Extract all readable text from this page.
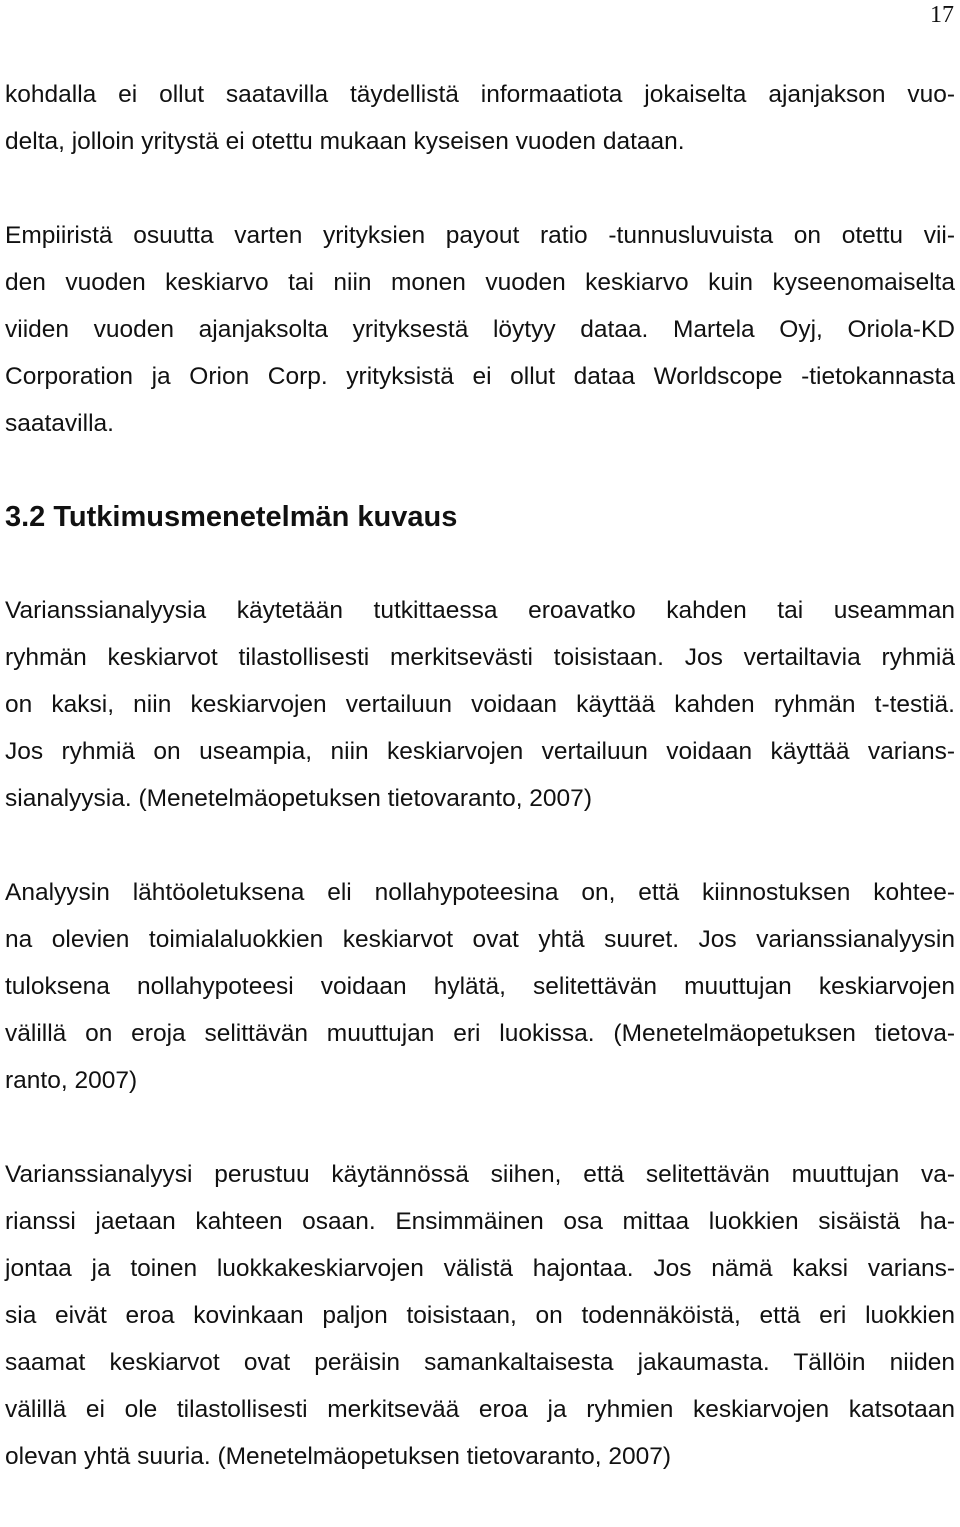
17
kohdalla ei ollut saatavilla täydellistä informaatiota jokaiselta ajanjakson vuo-
delta, jolloin yritystä ei otettu mukaan kyseisen vuoden dataan.
Empiiristä osuutta varten yrityksien payout ratio -tunnusluvuista on otettu vii-
den vuoden keskiarvo tai niin monen vuoden keskiarvo kuin kyseenomaiselta
viiden vuoden ajanjaksolta yrityksestä löytyy dataa. Martela Oyj, Oriola-KD
Corporation ja Orion Corp. yrityksistä ei ollut dataa Worldscope -tietokannasta
saatavilla.
3.2 Tutkimusmenetelmän kuvaus
Varianssianalyysia käytetään tutkittaessa eroavatko kahden tai useamman
ryhmän keskiarvot tilastollisesti merkitsevästi toisistaan. Jos vertailtavia ryhmiä
on kaksi, niin keskiarvojen vertailuun voidaan käyttää kahden ryhmän t-testiä.
Jos ryhmiä on useampia, niin keskiarvojen vertailuun voidaan käyttää varians-
sianalyysia. (Menetelmäopetuksen tietovaranto, 2007)
Analyysin lähtöoletuksena eli nollahypoteesina on, että kiinnostuksen kohtee-
na olevien toimialaluokkien keskiarvot ovat yhtä suuret. Jos varianssianalyysin
tuloksena nollahypoteesi voidaan hylätä, selitettävän muuttujan keskiarvojen
välillä on eroja selittävän muuttujan eri luokissa. (Menetelmäopetuksen tietova-
ranto, 2007)
Varianssianalyysi perustuu käytännössä siihen, että selitettävän muuttujan va-
rianssi jaetaan kahteen osaan. Ensimmäinen osa mittaa luokkien sisäistä ha-
jontaa ja toinen luokkakeskiarvojen välistä hajontaa. Jos nämä kaksi varians-
sia eivät eroa kovinkaan paljon toisistaan, on todennäköistä, että eri luokkien
saamat keskiarvot ovat peräisin samankaltaisesta jakaumasta. Tällöin niiden
välillä ei ole tilastollisesti merkitsevää eroa ja ryhmien keskiarvojen katsotaan
olevan yhtä suuria. (Menetelmäopetuksen tietovaranto, 2007)
